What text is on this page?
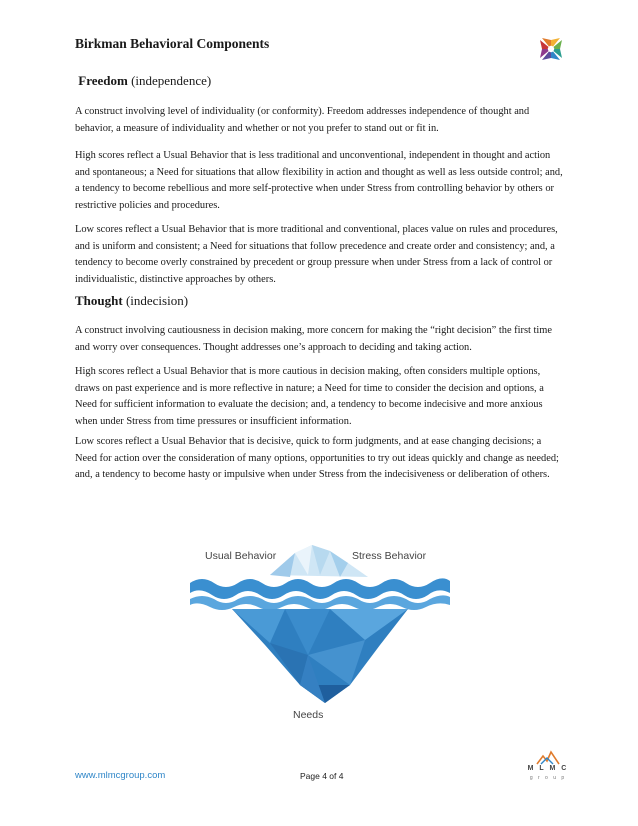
Birkman Behavioral Components
Freedom (independence)
A construct involving level of individuality (or conformity). Freedom addresses independence of thought and behavior, a measure of individuality and whether or not you prefer to stand out or fit in.
High scores reflect a Usual Behavior that is less traditional and unconventional, independent in thought and action and spontaneous; a Need for situations that allow flexibility in action and thought as well as less outside control; and, a tendency to become rebellious and more self-protective when under Stress from controlling behavior by others or restrictive policies and procedures.
Low scores reflect a Usual Behavior that is more traditional and conventional, places value on rules and procedures, and is uniform and consistent; a Need for situations that follow precedence and create order and consistency; and, a tendency to become overly constrained by precedent or group pressure when under Stress from a lack of control or individualistic, distinctive approaches by others.
Thought (indecision)
A construct involving cautiousness in decision making, more concern for making the “right decision” the first time and worry over consequences. Thought addresses one’s approach to deciding and taking action.
High scores reflect a Usual Behavior that is more cautious in decision making, often considers multiple options, draws on past experience and is more reflective in nature; a Need for time to consider the decision and options, a Need for sufficient information to evaluate the decision; and, a tendency to become indecisive and more anxious when under Stress from time pressures or insufficient information.
Low scores reflect a Usual Behavior that is decisive, quick to form judgments, and at ease changing decisions; a Need for action over the consideration of many options, opportunities to try out ideas quickly and change as needed; and, a tendency to become hasty or impulsive when under Stress from the indecisiveness or deliberation of others.
Usual Behavior	Stress Behavior
Needs
www.mlmcgroup.com	Page 4 of 4
M L M C
g r o u p
